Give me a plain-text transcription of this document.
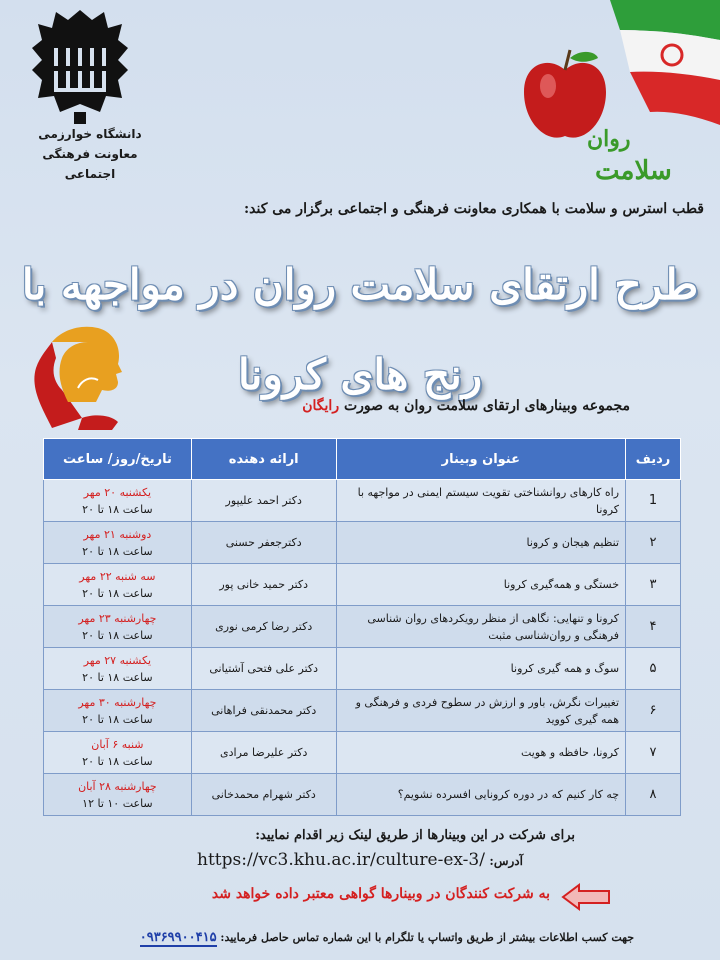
دانشگاه خوارزمی
معاونت فرهنگی اجتماعی
روان
سلامت
قطب استرس و سلامت با همکاری معاونت فرهنگی و اجتماعی برگزار می کند:
طرح ارتقای سلامت روان در مواجهه با رنج های کرونا
مجموعه وبینارهای ارتقای سلامت روان به صورت رایگان
ردیف	عنوان وبینار	ارائه دهنده	تاریخ/روز/ ساعت
1	راه کارهای روانشناختی تقویت سیستم ایمنی در مواجهه با کرونا	دکتر احمد علیپور	یکشنبه ۲۰ مهر
ساعت ۱۸ تا ۲۰

۲	تنظیم هیجان و کرونا	دکترجعفر حسنی	دوشنبه ۲۱ مهر
ساعت ۱۸ تا ۲۰

۳	خستگی و همه‌گیری کرونا	دکتر حمید خانی پور	سه شنبه ۲۲ مهر
ساعت ۱۸ تا ۲۰

۴	کرونا و تنهایی: نگاهی از منظر رویکردهای روان شناسی فرهنگی و روان‌شناسی مثبت	دکتر رضا کرمی نوری	چهارشنبه ۲۳ مهر
ساعت ۱۸ تا ۲۰

۵	سوگ و همه گیری کرونا	دکتر علی فتحی آشتیانی	یکشنبه ۲۷ مهر
ساعت ۱۸ تا ۲۰

۶	تغییرات نگرش، باور و ارزش در سطوح فردی و فرهنگی و همه گیری کووید	دکتر محمدنقی فراهانی	چهارشنبه ۳۰ مهر
ساعت ۱۸ تا ۲۰

۷	کرونا، حافظه و هویت	دکتر علیرضا مرادی	شنبه ۶ آبان
ساعت ۱۸ تا ۲۰

۸	چه کار کنیم که در دوره کرونایی افسرده نشویم؟	دکتر شهرام محمدخانی	چهارشنبه ۲۸ آبان
ساعت ۱۰ تا ۱۲
برای شرکت در این وبینارها از طریق لینک زیر اقدام نمایید:
آدرس: https://vc3.khu.ac.ir/culture-ex-3/
به شرکت کنندگان در وبینارها گواهی معتبر داده خواهد شد
جهت کسب اطلاعات بیشتر از طریق واتساپ یا تلگرام با این شماره تماس حاصل فرمایید: ۰۹۳۶۹۹۰۰۴۱۵
